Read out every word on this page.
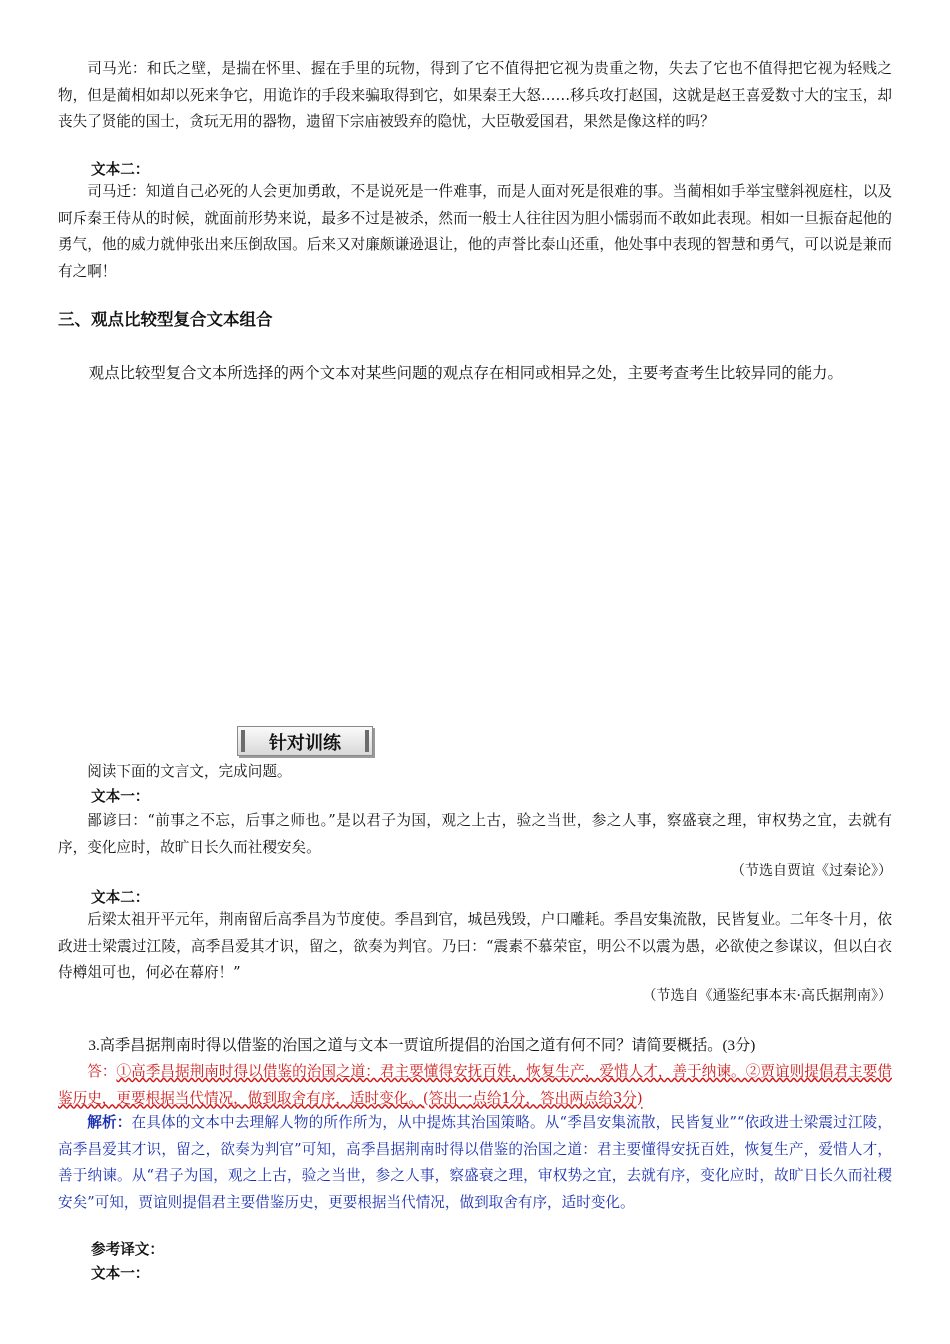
司马光：和氏之壁，是揣在怀里、握在手里的玩物，得到了它不值得把它视为贵重之物，失去了它也不值得把它视为轻贱之物，但是蔺相如却以死来争它，用诡诈的手段来骗取得到它，如果秦王大怒……移兵攻打赵国，这就是赵王喜爱数寸大的宝玉，却丧失了贤能的国士，贪玩无用的器物，遗留下宗庙被毁弃的隐忧，大臣敬爱国君，果然是像这样的吗？
文本二：
司马迁：知道自己必死的人会更加勇敢，不是说死是一件难事，而是人面对死是很难的事。当蔺相如手举宝璧斜视庭柱，以及呵斥秦王侍从的时候，就面前形势来说，最多不过是被杀，然而一般士人往往因为胆小懦弱而不敢如此表现。相如一旦振奋起他的勇气，他的威力就伸张出来压倒敌国。后来又对廉颇谦逊退让，他的声誉比泰山还重，他处事中表现的智慧和勇气，可以说是兼而有之啊！
三、观点比较型复合文本组合
观点比较型复合文本所选择的两个文本对某些问题的观点存在相同或相异之处，主要考查考生比较异同的能力。
针对训练
阅读下面的文言文，完成问题。
文本一：
鄙谚曰：“前事之不忘，后事之师也。”是以君子为国，观之上古，验之当世，参之人事，察盛衰之理，审权势之宜，去就有序，变化应时，故旷日长久而社稷安矣。
（节选自贾谊《过秦论》）
文本二：
后梁太祖开平元年，荆南留后高季昌为节度使。季昌到官，城邑残毁，户口雕耗。季昌安集流散，民皆复业。二年冬十月，依政进士梁震过江陵，高季昌爱其才识，留之，欲奏为判官。乃曰：“震素不慕荣宦，明公不以震为愚，必欲使之参谋议，但以白衣侍樽俎可也，何必在幕府！”
（节选自《通鉴纪事本末·高氏据荆南》）
3.高季昌据荆南时得以借鉴的治国之道与文本一贾谊所提倡的治国之道有何不同？请简要概括。(3分)
答：①高季昌据荆南时得以借鉴的治国之道：君主要懂得安抚百姓，恢复生产，爱惜人才，善于纳谏。②贾谊则提倡君主要借鉴历史，更要根据当代情况，做到取舍有序，适时变化。(答出一点给1分，答出两点给3分)
解析：在具体的文本中去理解人物的所作所为，从中提炼其治国策略。从“季昌安集流散，民皆复业”“依政进士梁震过江陵，高季昌爱其才识，留之，欲奏为判官”可知，高季昌据荆南时得以借鉴的治国之道：君主要懂得安抚百姓，恢复生产，爱惜人才，善于纳谏。从“君子为国，观之上古，验之当世，参之人事，察盛衰之理，审权势之宜，去就有序，变化应时，故旷日长久而社稷安矣”可知，贾谊则提倡君主要借鉴历史，更要根据当代情况，做到取舍有序，适时变化。
参考译文：
文本一：
